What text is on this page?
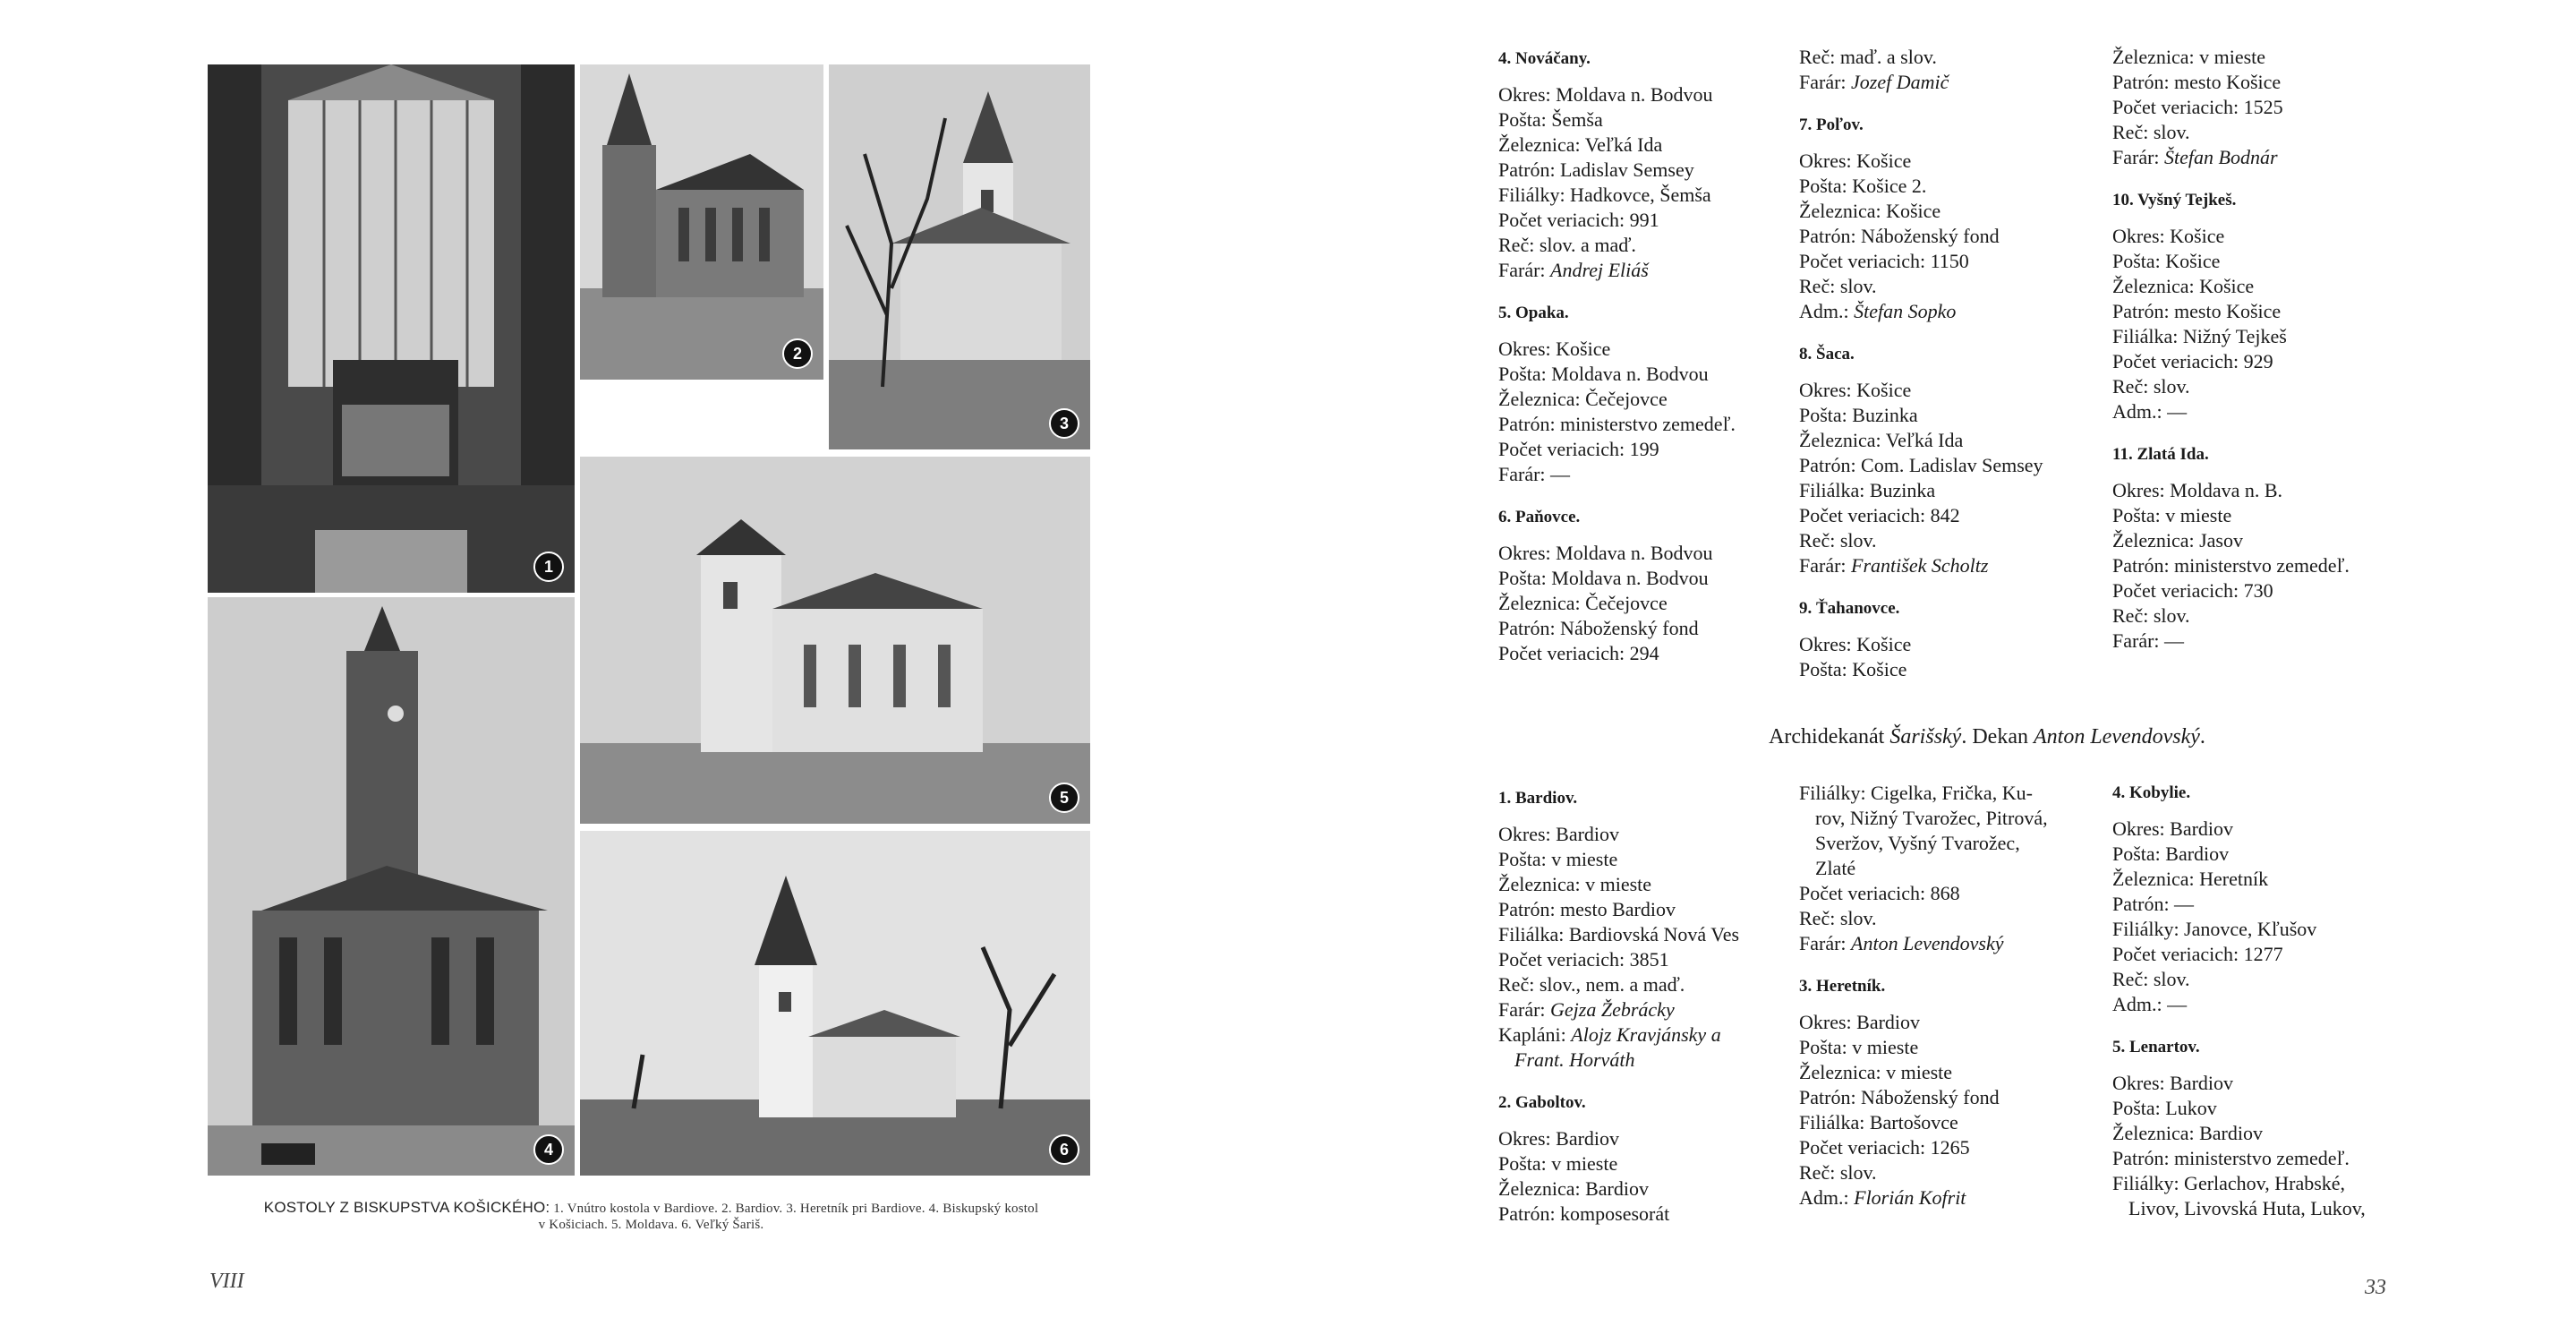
1
2
3
4
5
6
KOSTOLY Z BISKUPSTVA KOŠICKÉHO: 1. Vnútro kostola v Bardiove. 2. Bardiov. 3. Heretník pri Bardiove. 4. Biskupský kostol
v Košiciach. 5. Moldava. 6. Veľký Šariš.
VIII
4. Nováčany.
Okres: Moldava n. Bodvou
Pošta: Šemša
Železnica: Veľká Ida
Patrón: Ladislav Semsey
Filiálky: Hadkovce, Šemša
Počet veriacich: 991
Reč: slov. a maď.
Farár: Andrej Eliáš
5. Opaka.
Okres: Košice
Pošta: Moldava n. Bodvou
Železnica: Čečejovce
Patrón: ministerstvo zemedeľ.
Počet veriacich: 199
Farár: —
6. Paňovce.
Okres: Moldava n. Bodvou
Pošta: Moldava n. Bodvou
Železnica: Čečejovce
Patrón: Náboženský fond
Počet veriacich: 294
Reč: maď. a slov.
Farár: Jozef Damič
7. Poľov.
Okres: Košice
Pošta: Košice 2.
Železnica: Košice
Patrón: Náboženský fond
Počet veriacich: 1150
Reč: slov.
Adm.: Štefan Sopko
8. Šaca.
Okres: Košice
Pošta: Buzinka
Železnica: Veľká Ida
Patrón: Com. Ladislav Semsey
Filiálka: Buzinka
Počet veriacich: 842
Reč: slov.
Farár: František Scholtz
9. Ťahanovce.
Okres: Košice
Pošta: Košice
Železnica: v mieste
Patrón: mesto Košice
Počet veriacich: 1525
Reč: slov.
Farár: Štefan Bodnár
10. Vyšný Tejkeš.
Okres: Košice
Pošta: Košice
Železnica: Košice
Patrón: mesto Košice
Filiálka: Nižný Tejkeš
Počet veriacich: 929
Reč: slov.
Adm.: —
11. Zlatá Ida.
Okres: Moldava n. B.
Pošta: v mieste
Železnica: Jasov
Patrón: ministerstvo zemedeľ.
Počet veriacich: 730
Reč: slov.
Farár: —
Archidekanát Šarišský. Dekan Anton Levendovský.
1. Bardiov.
Okres: Bardiov
Pošta: v mieste
Železnica: v mieste
Patrón: mesto Bardiov
Filiálka: Bardiovská Nová Ves
Počet veriacich: 3851
Reč: slov., nem. a maď.
Farár: Gejza Žebrácky
Kapláni: Alojz Kravjánsky a
Frant. Horváth
2. Gaboltov.
Okres: Bardiov
Pošta: v mieste
Železnica: Bardiov
Patrón: komposesorát
Filiálky: Cigelka, Frička, Ku-
rov, Nižný Tvarožec, Pitrová,
Sveržov, Vyšný Tvarožec,
Zlaté
Počet veriacich: 868
Reč: slov.
Farár: Anton Levendovský
3. Heretník.
Okres: Bardiov
Pošta: v mieste
Železnica: v mieste
Patrón: Náboženský fond
Filiálka: Bartošovce
Počet veriacich: 1265
Reč: slov.
Adm.: Florián Kofrit
4. Kobylie.
Okres: Bardiov
Pošta: Bardiov
Železnica: Heretník
Patrón: —
Filiálky: Janovce, Kľušov
Počet veriacich: 1277
Reč: slov.
Adm.: —
5. Lenartov.
Okres: Bardiov
Pošta: Lukov
Železnica: Bardiov
Patrón: ministerstvo zemedeľ.
Filiálky: Gerlachov, Hrabské,
Livov, Livovská Huta, Lukov,
33
